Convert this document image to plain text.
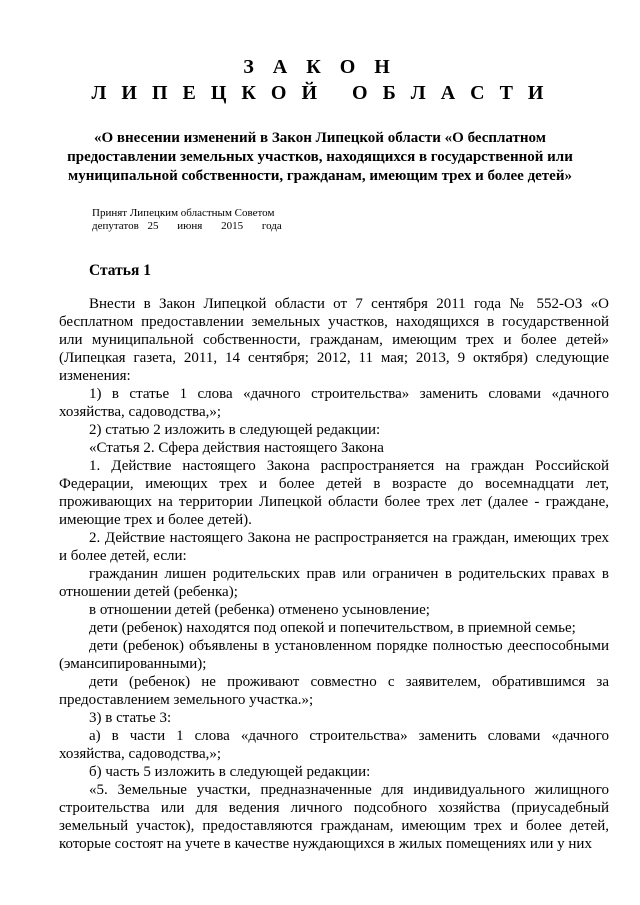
З А К О Н
Л И П Е Ц К О Й   О Б Л А С Т И
«О внесении изменений в Закон Липецкой области «О бесплатном предоставлении земельных участков, находящихся в государственной или муниципальной собственности, гражданам, имеющим трех и более детей»
Принят Липецким областным Советом
депутатов 25 июня 2015 года
Статья 1

Внести в Закон Липецкой области от 7 сентября 2011 года № 552-ОЗ «О бесплатном предоставлении земельных участков, находящихся в государственной или муниципальной собственности, гражданам, имеющим трех и более детей» (Липецкая газета, 2011, 14 сентября; 2012, 11 мая; 2013, 9 октября) следующие изменения:

1) в статье 1 слова «дачного строительства» заменить словами «дачного хозяйства, садоводства,»;

2) статью 2 изложить в следующей редакции:

«Статья 2. Сфера действия настоящего Закона

1. Действие настоящего Закона распространяется на граждан Российской Федерации, имеющих трех и более детей в возрасте до восемнадцати лет, проживающих на территории Липецкой области более трех лет (далее - граждане, имеющие трех и более детей).

2. Действие настоящего Закона не распространяется на граждан, имеющих трех и более детей, если:

гражданин лишен родительских прав или ограничен в родительских правах в отношении детей (ребенка);

в отношении детей (ребенка) отменено усыновление;

дети (ребенок) находятся под опекой и попечительством, в приемной семье;

дети (ребенок) объявлены в установленном порядке полностью дееспособными (эмансипированными);

дети (ребенок) не проживают совместно с заявителем, обратившимся за предоставлением земельного участка.»;

3) в статье 3:

а) в части 1 слова «дачного строительства» заменить словами «дачного хозяйства, садоводства,»;

б) часть 5 изложить в следующей редакции:

«5. Земельные участки, предназначенные для индивидуального жилищного строительства или для ведения личного подсобного хозяйства (приусадебный земельный участок), предоставляются гражданам, имеющим трех и более детей, которые состоят на учете в качестве нуждающихся в жилых помещениях или у них
